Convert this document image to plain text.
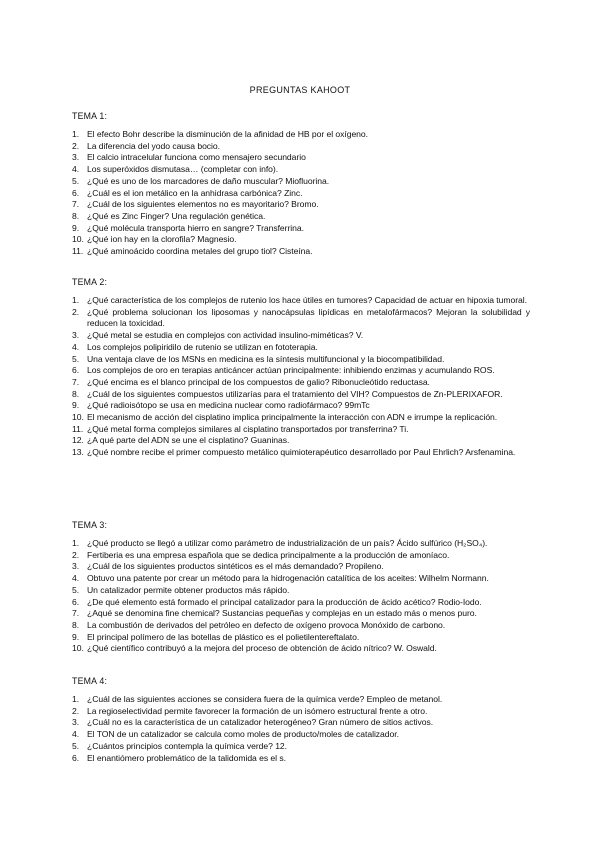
PREGUNTAS KAHOOT
TEMA 1:
1. El efecto Bohr describe la disminución de la afinidad de HB por el oxígeno.
2. La diferencia del yodo causa bocio.
3. El calcio intracelular funciona como mensajero secundario
4. Los superóxidos dismutasa… (completar con info).
5. ¿Qué es uno de los marcadores de daño muscular? Miofluorina.
6. ¿Cuál es el ion metálico en la anhidrasa carbónica? Zinc.
7. ¿Cuál de los siguientes elementos no es mayoritario? Bromo.
8. ¿Qué es Zinc Finger? Una regulación genética.
9. ¿Qué molécula transporta hierro en sangre? Transferrina.
10. ¿Qué ion hay en la clorofila? Magnesio.
11. ¿Qué aminoácido coordina metales del grupo tiol? Cisteína.
TEMA 2:
1. ¿Qué característica de los complejos de rutenio los hace útiles en tumores? Capacidad de actuar en hipoxia tumoral.
2. ¿Qué problema solucionan los liposomas y nanocápsulas lipídicas en metalofármacos? Mejoran la solubilidad y reducen la toxicidad.
3. ¿Qué metal se estudia en complejos con actividad insulino-miméticas? V.
4. Los complejos polipiridilo de rutenio se utilizan en fototerapia.
5. Una ventaja clave de los MSNs en medicina es la síntesis multifuncional y la biocompatibilidad.
6. Los complejos de oro en terapias anticáncer actúan principalmente: inhibiendo enzimas y acumulando ROS.
7. ¿Qué encima es el blanco principal de los compuestos de galio? Ribonucleótido reductasa.
8. ¿Cuál de los siguientes compuestos utilizarías para el tratamiento del VIH? Compuestos de Zn-PLERIXAFOR.
9. ¿Qué radioisótopo se usa en medicina nuclear como radiofármaco? 99mTc
10. El mecanismo de acción del cisplatino implica principalmente la interacción con ADN e irrumpe la replicación.
11. ¿Qué metal forma complejos similares al cisplatino transportados por transferrina? Ti.
12. ¿A qué parte del ADN se une el cisplatino? Guaninas.
13. ¿Qué nombre recibe el primer compuesto metálico quimioterapéutico desarrollado por Paul Ehrlich? Arsfenamina.
TEMA 3:
1. ¿Qué producto se llegó a utilizar como parámetro de industrialización de un país? Ácido sulfúrico (H₂SO₄).
2. Fertiberia es una empresa española que se dedica principalmente a la producción de amoníaco.
3. ¿Cuál de los siguientes productos sintéticos es el más demandado? Propileno.
4. Obtuvo una patente por crear un método para la hidrogenación catalítica de los aceites: Wilhelm Normann.
5. Un catalizador permite obtener productos más rápido.
6. ¿De qué elemento está formado el principal catalizador para la producción de ácido acético? Rodio-Iodo.
7. ¿Aqué se denomina fine chemical? Sustancias pequeñas y complejas en un estado más o menos puro.
8. La combustión de derivados del petróleo en defecto de oxígeno provoca Monóxido de carbono.
9. El principal polímero de las botellas de plástico es el polietilentereftalato.
10. ¿Qué científico contribuyó a la mejora del proceso de obtención de ácido nítrico? W. Oswald.
TEMA 4:
1. ¿Cuál de las siguientes acciones se considera fuera de la química verde? Empleo de metanol.
2. La regioselectividad permite favorecer la formación de un isómero estructural frente a otro.
3. ¿Cuál no es la característica de un catalizador heterogéneo? Gran número de sitios activos.
4. El TON de un catalizador se calcula como moles de producto/moles de catalizador.
5. ¿Cuántos principios contempla la química verde? 12.
6. El enantiómero problemático de la talidomida es el s.
